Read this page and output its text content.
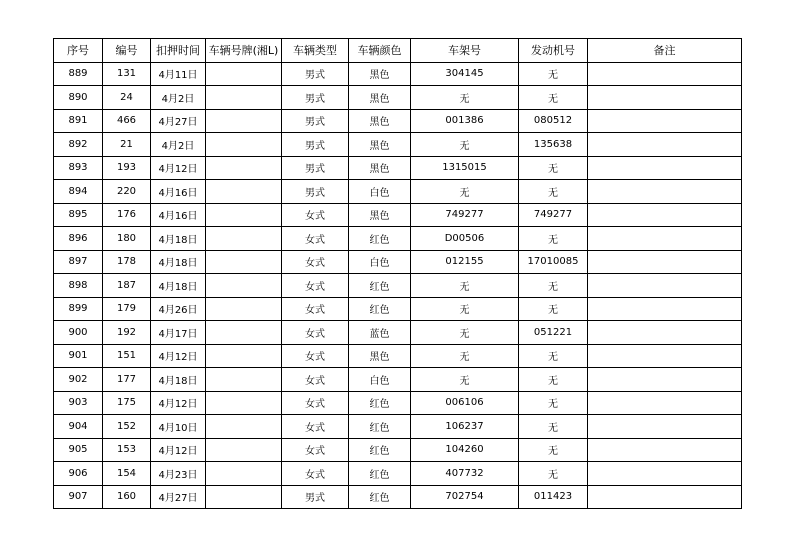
序号	编号	扣押时间	车辆号牌(湘L)	车辆类型	车辆颜色	车架号	发动机号	备注
889	131	4月11日		男式	黑色	304145	无	
890	24	4月2日		男式	黑色	无	无	
891	466	4月27日		男式	黑色	001386	080512	
892	21	4月2日		男式	黑色	无	135638	
893	193	4月12日		男式	黑色	1315015	无	
894	220	4月16日		男式	白色	无	无	
895	176	4月16日		女式	黑色	749277	749277	
896	180	4月18日		女式	红色	D00506	无	
897	178	4月18日		女式	白色	012155	17010085	
898	187	4月18日		女式	红色	无	无	
899	179	4月26日		女式	红色	无	无	
900	192	4月17日		女式	蓝色	无	051221	
901	151	4月12日		女式	黑色	无	无	
902	177	4月18日		女式	白色	无	无	
903	175	4月12日		女式	红色	006106	无	
904	152	4月10日		女式	红色	106237	无	
905	153	4月12日		女式	红色	104260	无	
906	154	4月23日		女式	红色	407732	无	
907	160	4月27日		男式	红色	702754	011423	
